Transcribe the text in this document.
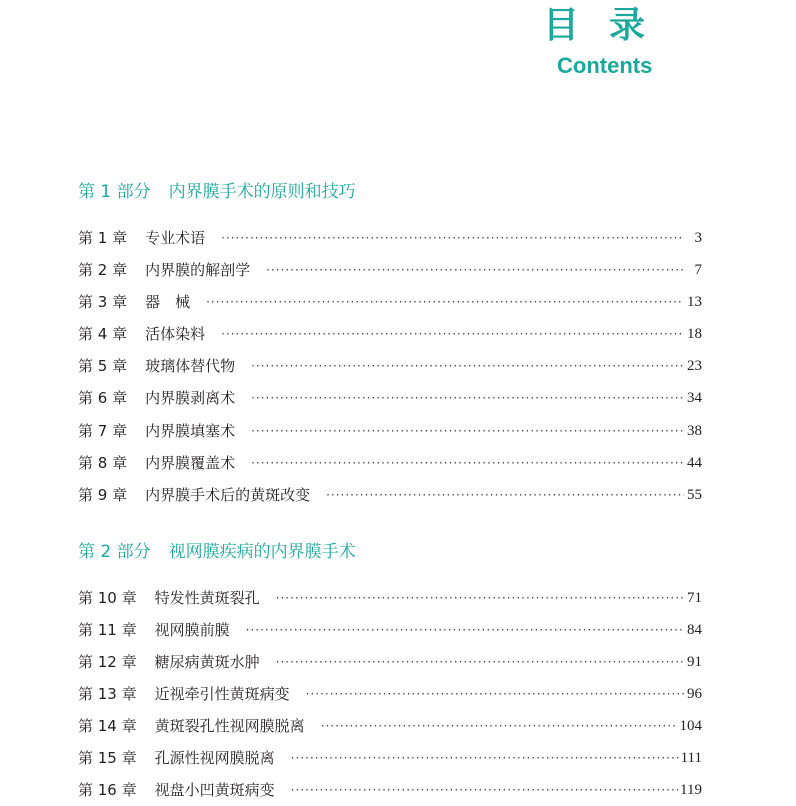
目录
Contents
第 1 部分 内界膜手术的原则和技巧
第 1 章 专业术语 ·····	3
第 2 章 内界膜的解剖学 ·····	7
第 3 章 器　械 ·····	13
第 4 章 活体染料 ·····	18
第 5 章 玻璃体替代物 ·····	23
第 6 章 内界膜剥离术 ·····	34
第 7 章 内界膜填塞术 ·····	38
第 8 章 内界膜覆盖术 ·····	44
第 9 章 内界膜手术后的黄斑改变 ·····	55
第 2 部分 视网膜疾病的内界膜手术
第 10 章 特发性黄斑裂孔 ·····	71
第 11 章 视网膜前膜 ·····	84
第 12 章 糖尿病黄斑水肿 ·····	91
第 13 章 近视牵引性黄斑病变 ·····	96
第 14 章 黄斑裂孔性视网膜脱离 ·····	104
第 15 章 孔源性视网膜脱离 ·····	111
第 16 章 视盘小凹黄斑病变 ·····	119
